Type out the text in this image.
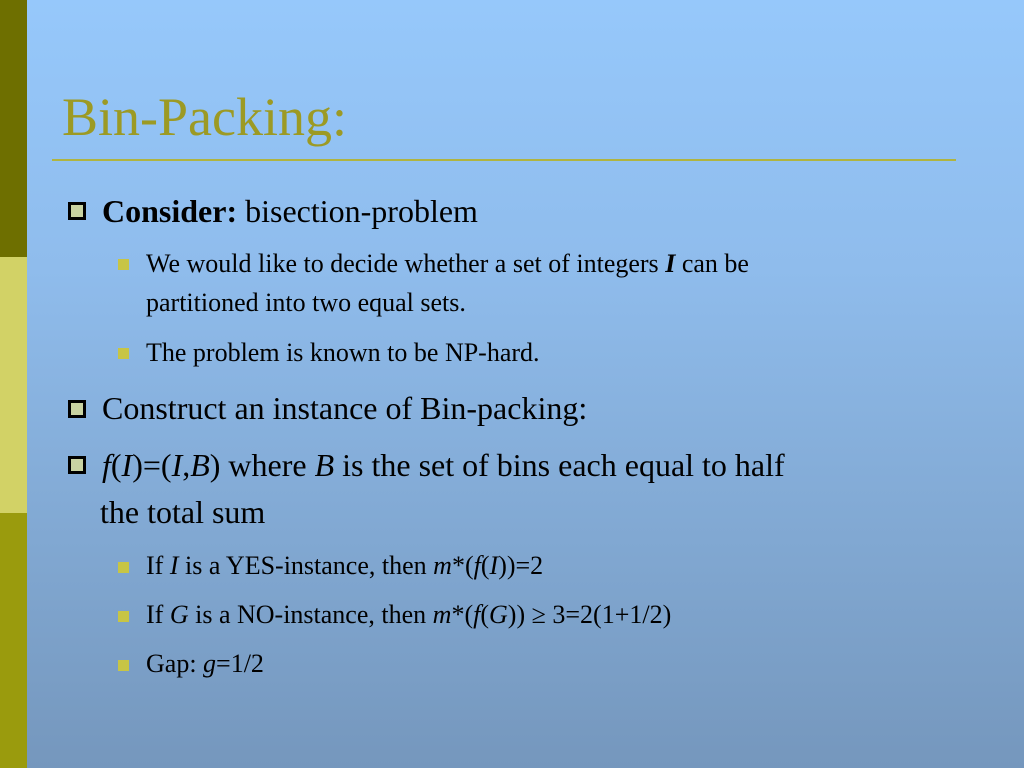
Bin-Packing:
Consider: bisection-problem
We would like to decide whether a set of integers I can be
partitioned into two equal sets.
The problem is known to be NP-hard.
Construct an instance of Bin-packing:
f(I)=(I,B) where B is the set of bins each equal to half
the total sum
If I is a YES-instance, then m*(f(I))=2
If G is a NO-instance, then m*(f(G)) ≥ 3=2(1+1/2)
Gap: g=1/2
